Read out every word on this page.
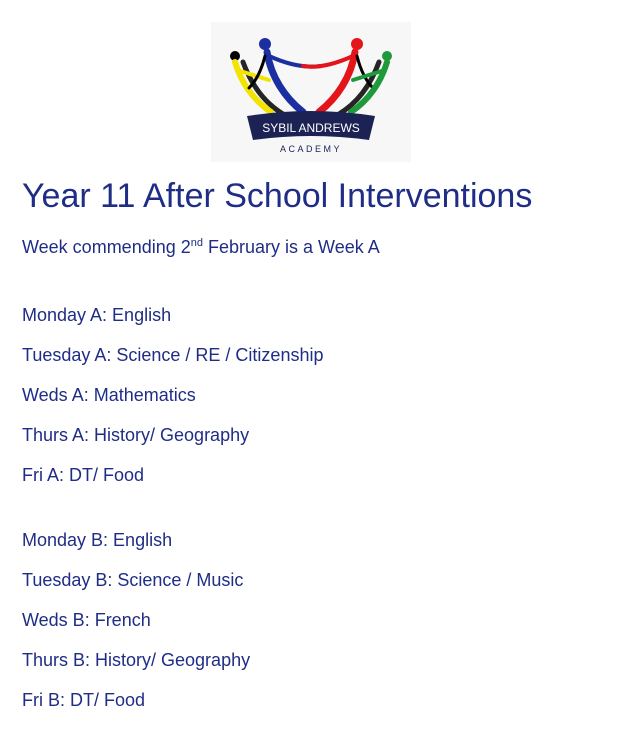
SYBIL ANDREWS
ACADEMY
Year 11 After School Interventions
Week commending 2nd February is a Week A
Monday A: English
Tuesday A: Science / RE / Citizenship
Weds A: Mathematics
Thurs A: History/ Geography
Fri A: DT/ Food
Monday B: English
Tuesday B: Science / Music
Weds B: French
Thurs B: History/ Geography
Fri B: DT/ Food
